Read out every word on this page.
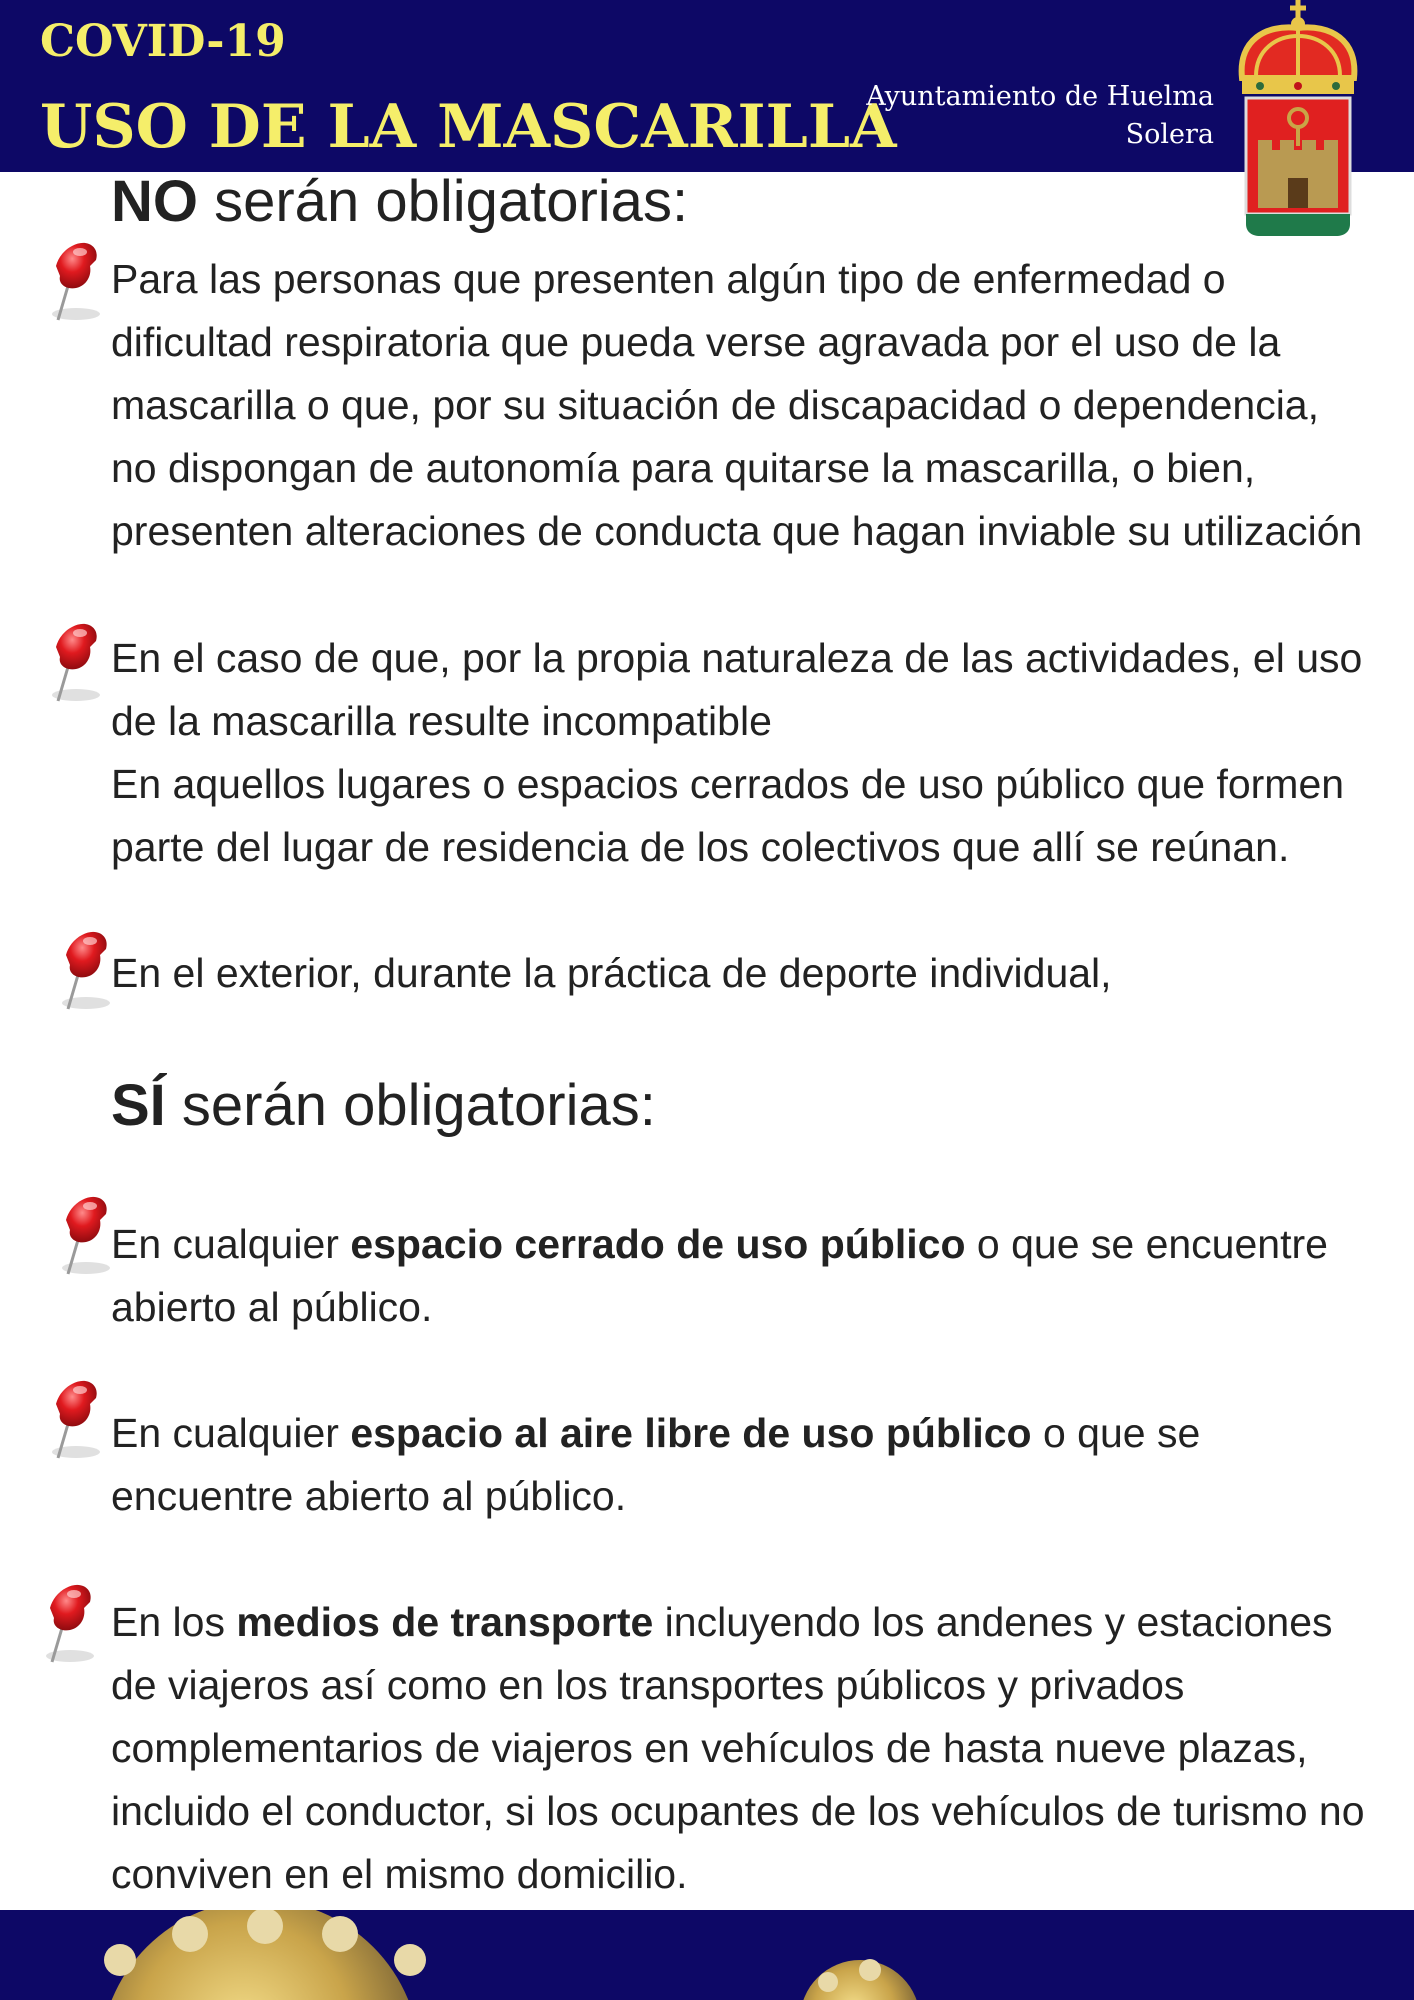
COVID-19
USO DE LA MASCARILLA
Ayuntamiento de Huelma
Solera
NO serán obligatorias:
Para las personas que presenten algún tipo de enfermedad o dificultad respiratoria que pueda verse agravada por el uso de la mascarilla o que, por su situación de discapacidad o dependencia, no dispongan de autonomía para quitarse la mascarilla, o bien, presenten alteraciones de conducta que hagan inviable su utilización
En el caso de que, por la propia naturaleza de las actividades, el uso de la mascarilla resulte incompatible
En aquellos lugares o espacios cerrados de uso público que formen parte del lugar de residencia de los colectivos que allí se reúnan.
En el exterior, durante la práctica de deporte individual,
SÍ serán obligatorias:
En cualquier espacio cerrado de uso público o que se encuentre abierto al público.
En cualquier espacio al aire libre de uso público o que se encuentre abierto al público.
En los medios de transporte incluyendo los andenes y estaciones de viajeros así como en los transportes públicos y privados complementarios de viajeros en vehículos de hasta nueve plazas, incluido el conductor, si los ocupantes de los vehículos de turismo no conviven en el mismo domicilio.
